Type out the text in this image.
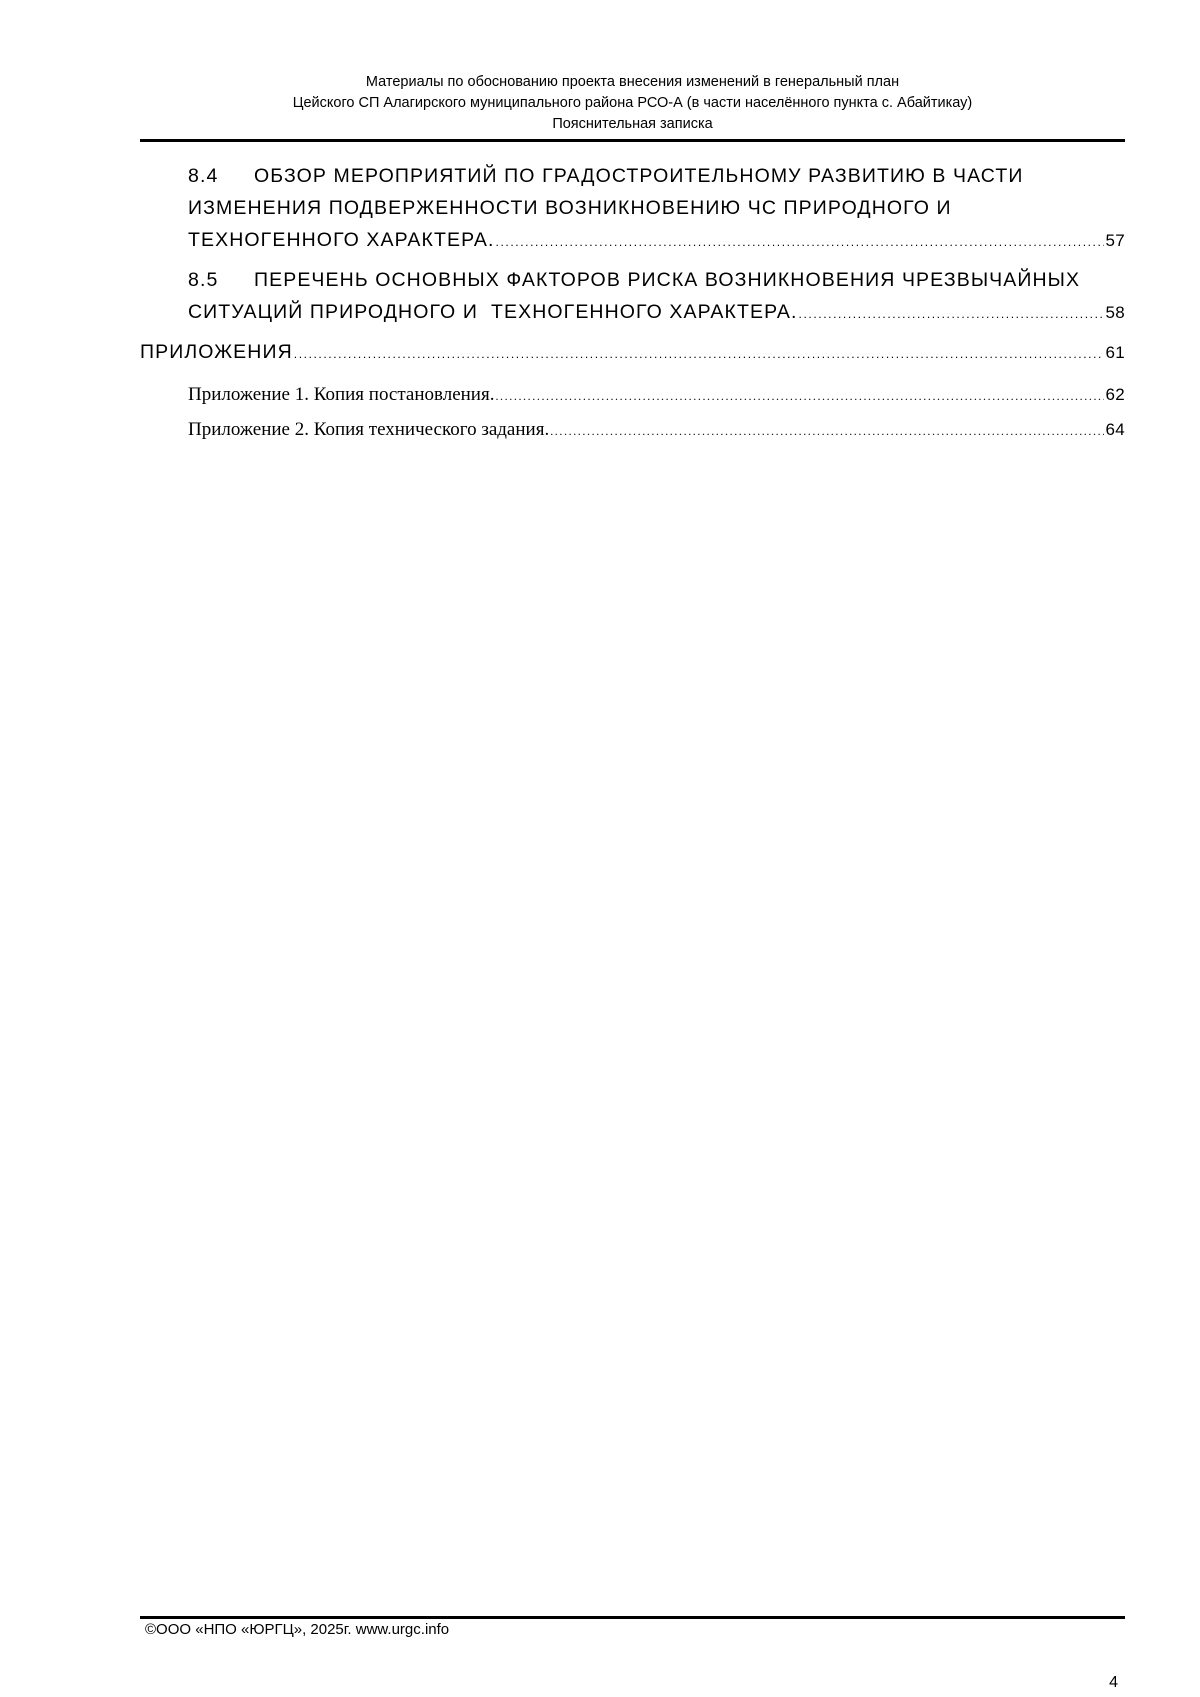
Материалы по обоснованию проекта внесения изменений в генеральный план
Цейского СП Алагирского муниципального района РСО-А (в части населённого пункта с. Абайтикау)
Пояснительная записка
8.4 ОБЗОР МЕРОПРИЯТИЙ ПО ГРАДОСТРОИТЕЛЬНОМУ РАЗВИТИЮ В ЧАСТИ
ИЗМЕНЕНИЯ ПОДВЕРЖЕННОСТИ ВОЗНИКНОВЕНИЮ ЧС ПРИРОДНОГО И
ТЕХНОГЕННОГО ХАРАКТЕРА. .....	57
8.5 ПЕРЕЧЕНЬ ОСНОВНЫХ ФАКТОРОВ РИСКА ВОЗНИКНОВЕНИЯ ЧРЕЗВЫЧАЙНЫХ
СИТУАЦИЙ ПРИРОДНОГО И  ТЕХНОГЕННОГО ХАРАКТЕРА. .....	58
ПРИЛОЖЕНИЯ .....	61
Приложение 1. Копия постановления. .....	62
Приложение 2. Копия технического задания. .....	64
©ООО «НПО «ЮРГЦ», 2025г. www.urgc.info
4
